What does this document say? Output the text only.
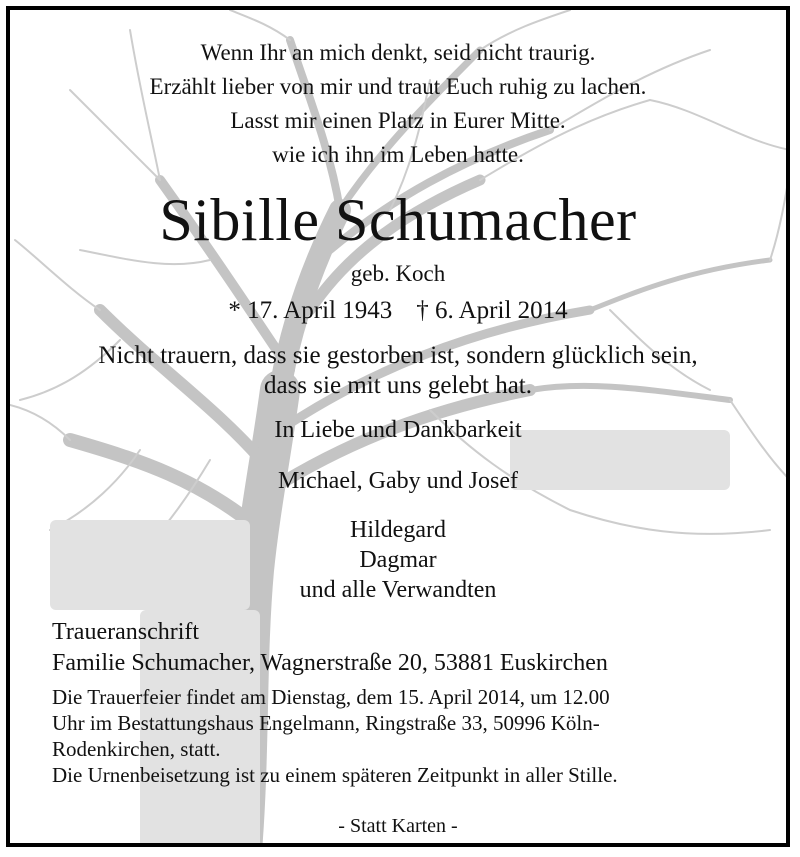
Wenn Ihr an mich denkt, seid nicht traurig.
Erzählt lieber von mir und traut Euch ruhig zu lachen.
Lasst mir einen Platz in Eurer Mitte.
wie ich ihn im Leben hatte.
Sibille Schumacher
geb. Koch
* 17. April 1943 † 6. April 2014
Nicht trauern, dass sie gestorben ist, sondern glücklich sein,
dass sie mit uns gelebt hat.
In Liebe und Dankbarkeit
Michael, Gaby und Josef
Hildegard
Dagmar
und alle Verwandten
Traueranschrift
Familie Schumacher, Wagnerstraße 20, 53881 Euskirchen
Die Trauerfeier findet am Dienstag, dem 15. April 2014, um 12.00
Uhr im Bestattungshaus Engelmann, Ringstraße 33, 50996 Köln-
Rodenkirchen, statt.
Die Urnenbeisetzung ist zu einem späteren Zeitpunkt in aller Stille.
- Statt Karten -
